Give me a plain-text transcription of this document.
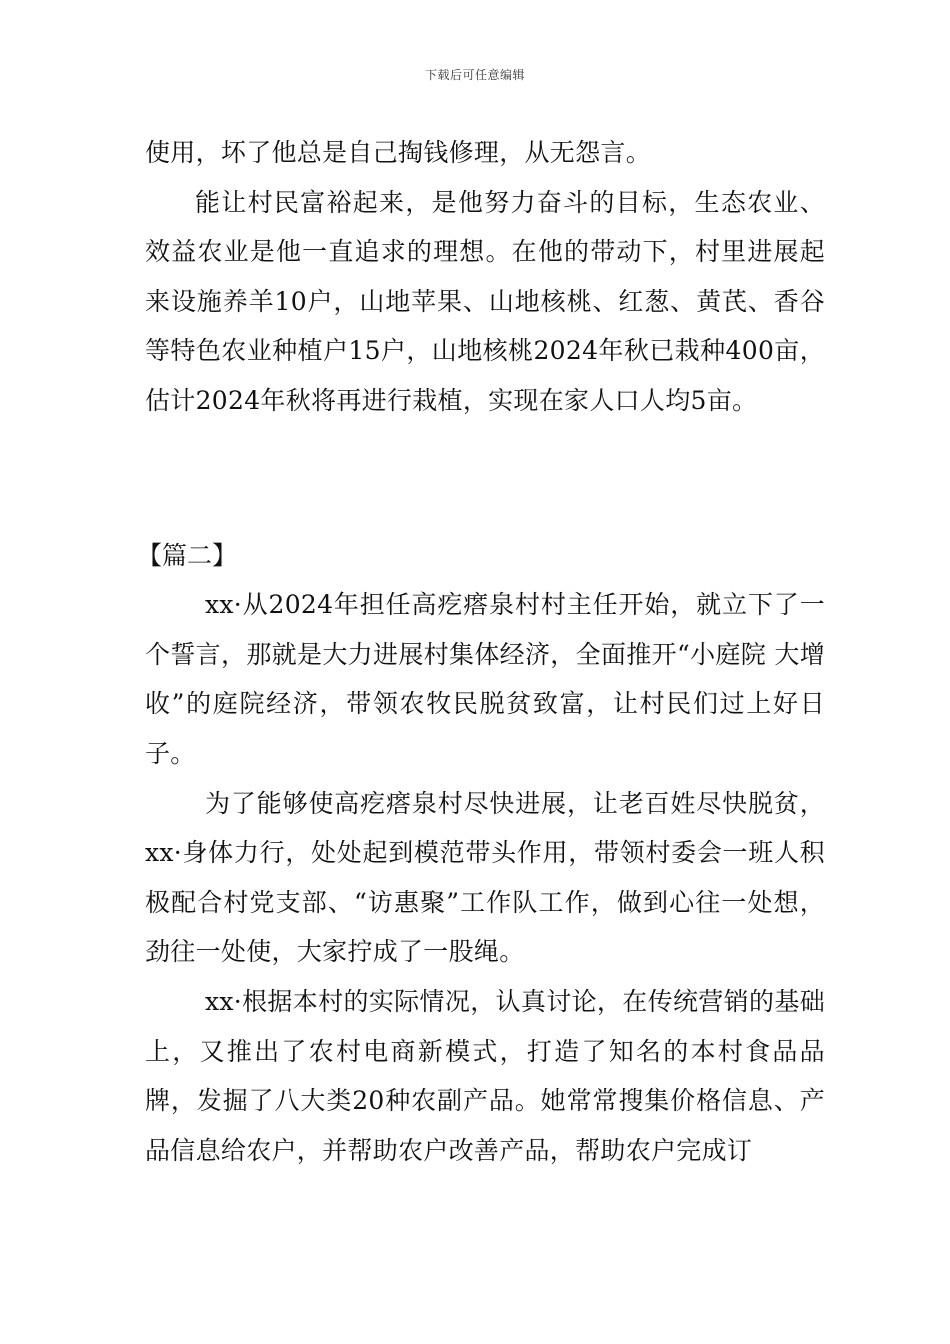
下载后可任意编辑

使用，坏了他总是自己掏钱修理，从无怨言。

能让村民富裕起来，是他努力奋斗的目标，生态农业、效益农业是他一直追求的理想。在他的带动下，村里进展起来设施养羊10户，山地苹果、山地核桃、红葱、黄芪、香谷等特色农业种植户15户，山地核桃2024年秋已栽种400亩，估计2024年秋将再进行栽植，实现在家人口人均5亩。

【篇二】

xx·从2024年担任高疙瘩泉村村主任开始，就立下了一个誓言，那就是大力进展村集体经济，全面推开“小庭院 大增收”的庭院经济，带领农牧民脱贫致富，让村民们过上好日子。

为了能够使高疙瘩泉村尽快进展，让老百姓尽快脱贫，xx·身体力行，处处起到模范带头作用，带领村委会一班人积极配合村党支部、“访惠聚”工作队工作，做到心往一处想，劲往一处使，大家拧成了一股绳。

xx·根据本村的实际情况，认真讨论，在传统营销的基础上，又推出了农村电商新模式，打造了知名的本村食品品牌，发掘了八大类20种农副产品。她常常搜集价格信息、产品信息给农户，并帮助农户改善产品，帮助农户完成订
